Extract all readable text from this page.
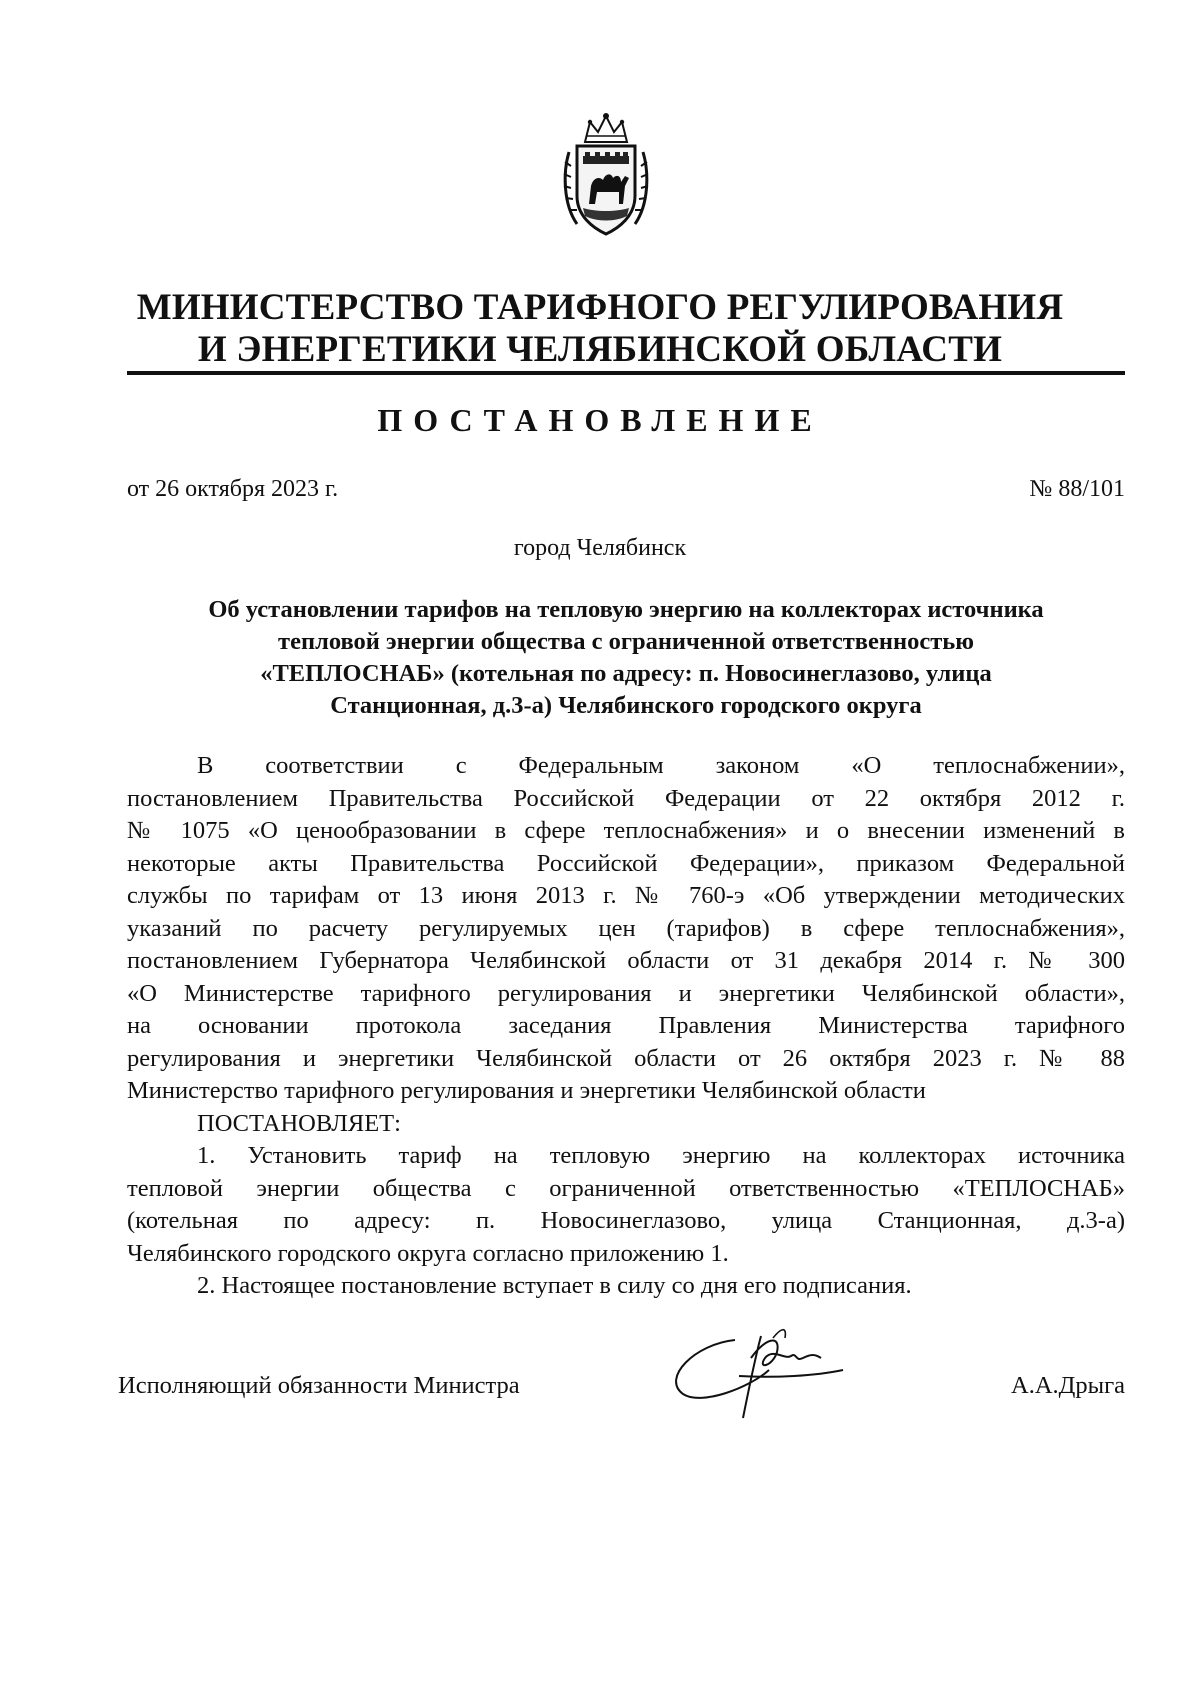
МИНИСТЕРСТВО ТАРИФНОГО РЕГУЛИРОВАНИЯ
И ЭНЕРГЕТИКИ ЧЕЛЯБИНСКОЙ ОБЛАСТИ
ПОСТАНОВЛЕНИЕ
от 26 октября 2023 г.	№ 88/101
город Челябинск
Об установлении тарифов на тепловую энергию на коллекторах источника
тепловой энергии общества с ограниченной ответственностью
«ТЕПЛОСНАБ» (котельная по адресу: п. Новосинеглазово, улица
Станционная, д.3-а) Челябинского городского округа
В соответствии с Федеральным законом «О теплоснабжении»,
постановлением Правительства Российской Федерации от 22 октября 2012 г.
№ 1075 «О ценообразовании в сфере теплоснабжения» и о внесении изменений в
некоторые акты Правительства Российской Федерации», приказом Федеральной
службы по тарифам от 13 июня 2013 г. № 760-э «Об утверждении методических
указаний по расчету регулируемых цен (тарифов) в сфере теплоснабжения»,
постановлением Губернатора Челябинской области от 31 декабря 2014 г. № 300
«О Министерстве тарифного регулирования и энергетики Челябинской области»,
на основании протокола заседания Правления Министерства тарифного
регулирования и энергетики Челябинской области от 26 октября 2023 г. № 88
Министерство тарифного регулирования и энергетики Челябинской области
ПОСТАНОВЛЯЕТ:
1. Установить тариф на тепловую энергию на коллекторах источника
тепловой энергии общества с ограниченной ответственностью «ТЕПЛОСНАБ»
(котельная по адресу: п. Новосинеглазово, улица Станционная, д.3-а)
Челябинского городского округа согласно приложению 1.
2. Настоящее постановление вступает в силу со дня его подписания.
Исполняющий обязанности Министра	А.А.Дрыга
